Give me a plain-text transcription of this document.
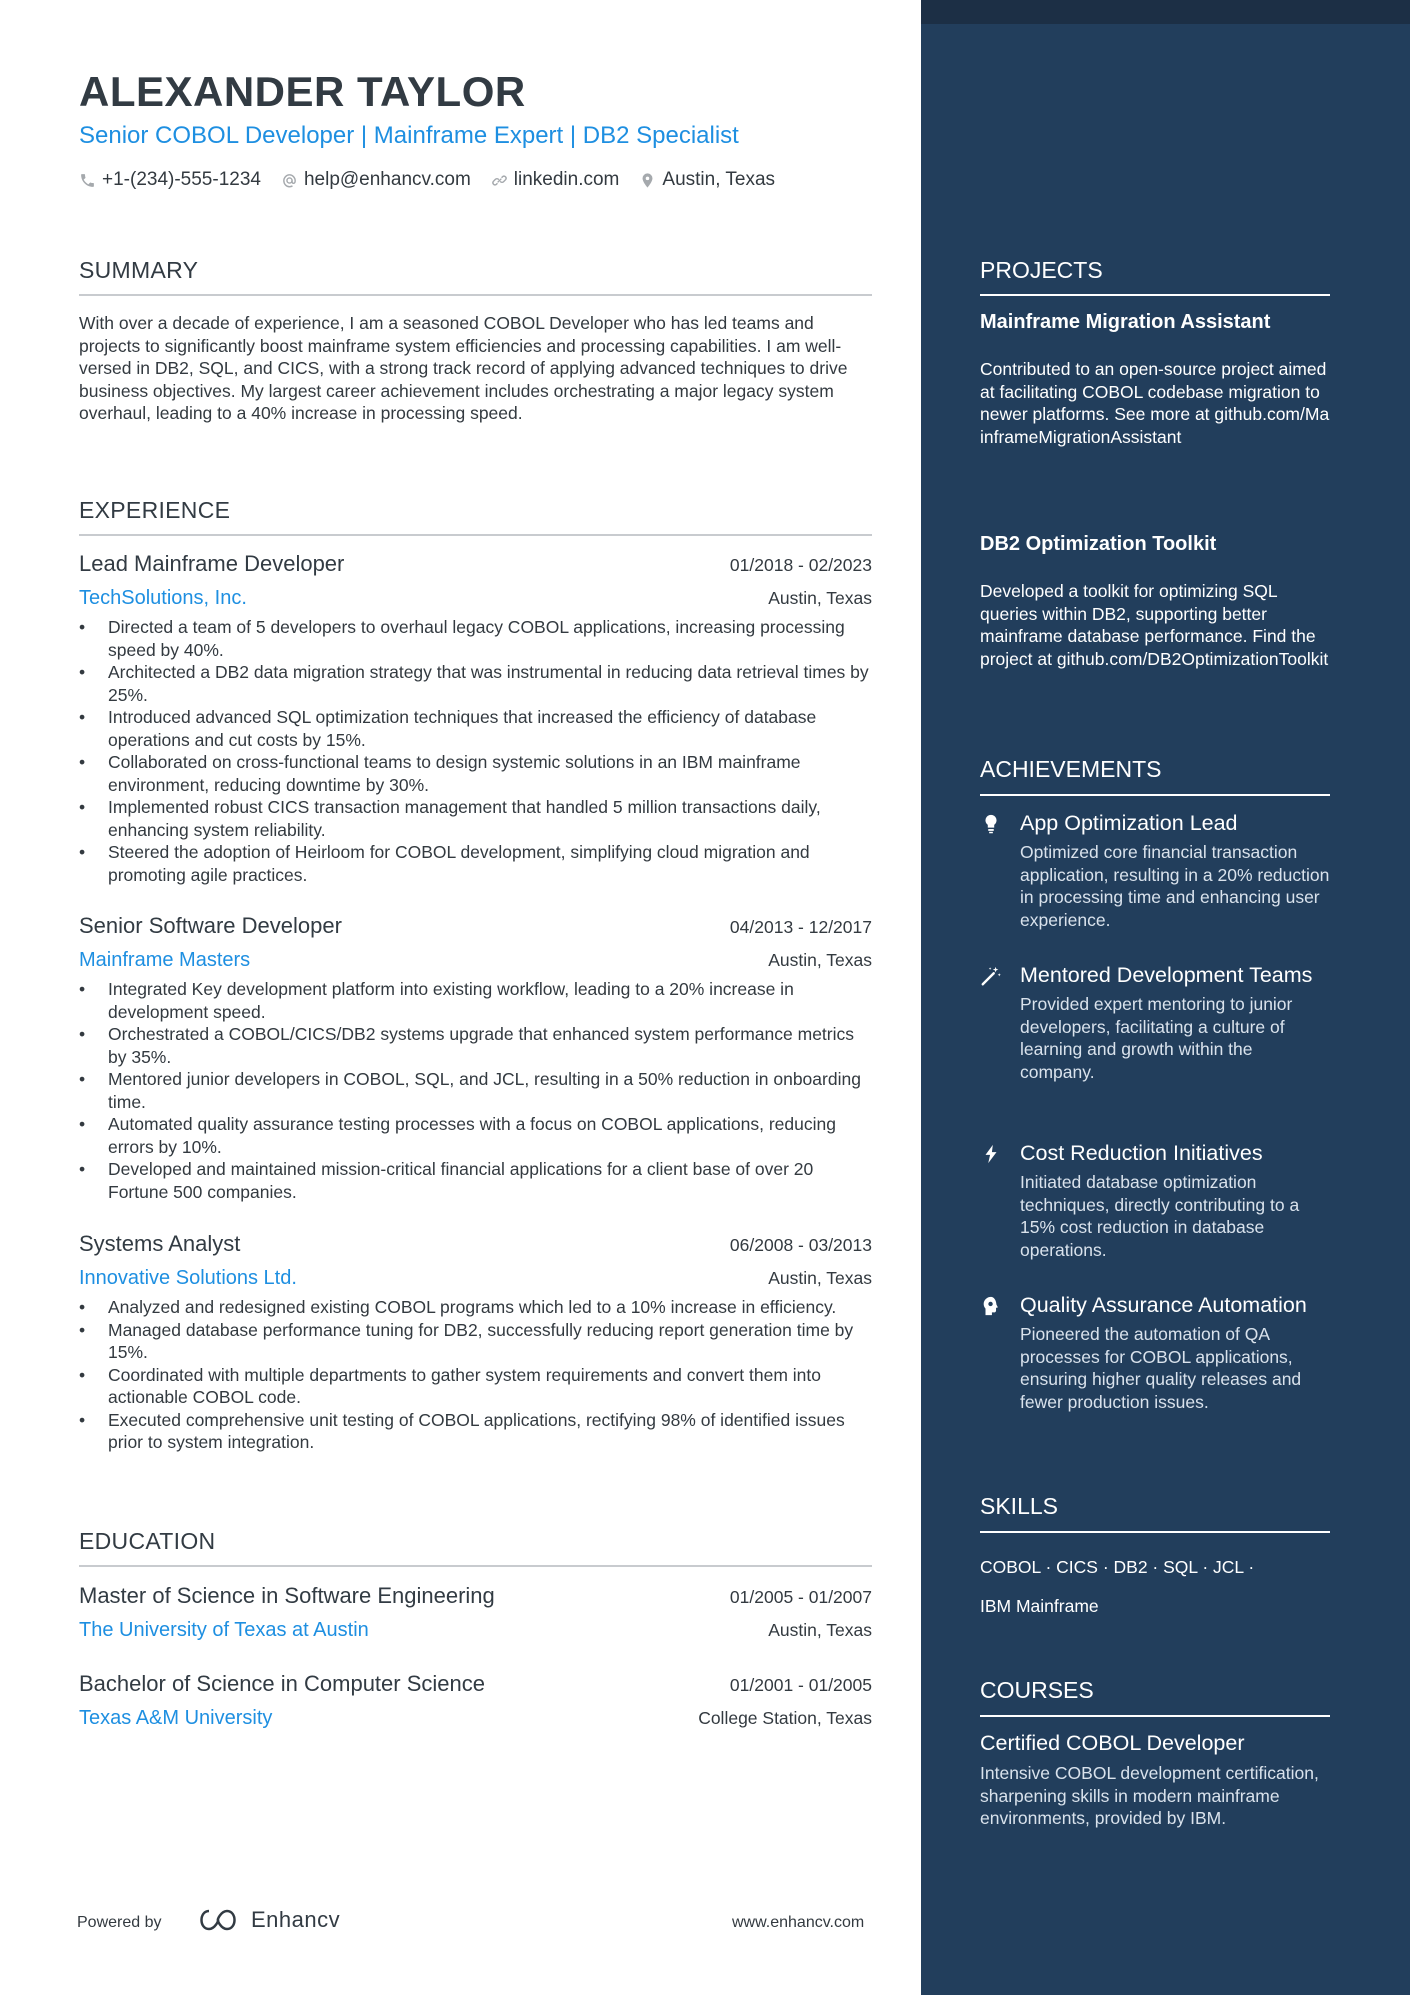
ALEXANDER TAYLOR
Senior COBOL Developer | Mainframe Expert | DB2 Specialist
+1-(234)-555-1234 help@enhancv.com linkedin.com Austin, Texas
SUMMARY
With over a decade of experience, I am a seasoned COBOL Developer who has led teams and projects to significantly boost mainframe system efficiencies and processing capabilities. I am well-versed in DB2, SQL, and CICS, with a strong track record of applying advanced techniques to drive business objectives. My largest career achievement includes orchestrating a major legacy system overhaul, leading to a 40% increase in processing speed.
EXPERIENCE
Lead Mainframe Developer	01/2018 - 02/2023
TechSolutions, Inc.	Austin, Texas
• Directed a team of 5 developers to overhaul legacy COBOL applications, increasing processing speed by 40%.
• Architected a DB2 data migration strategy that was instrumental in reducing data retrieval times by 25%.
• Introduced advanced SQL optimization techniques that increased the efficiency of database operations and cut costs by 15%.
• Collaborated on cross-functional teams to design systemic solutions in an IBM mainframe environment, reducing downtime by 30%.
• Implemented robust CICS transaction management that handled 5 million transactions daily, enhancing system reliability.
• Steered the adoption of Heirloom for COBOL development, simplifying cloud migration and promoting agile practices.
Senior Software Developer	04/2013 - 12/2017
Mainframe Masters	Austin, Texas
• Integrated Key development platform into existing workflow, leading to a 20% increase in development speed.
• Orchestrated a COBOL/CICS/DB2 systems upgrade that enhanced system performance metrics by 35%.
• Mentored junior developers in COBOL, SQL, and JCL, resulting in a 50% reduction in onboarding time.
• Automated quality assurance testing processes with a focus on COBOL applications, reducing errors by 10%.
• Developed and maintained mission-critical financial applications for a client base of over 20 Fortune 500 companies.
Systems Analyst	06/2008 - 03/2013
Innovative Solutions Ltd.	Austin, Texas
• Analyzed and redesigned existing COBOL programs which led to a 10% increase in efficiency.
• Managed database performance tuning for DB2, successfully reducing report generation time by 15%.
• Coordinated with multiple departments to gather system requirements and convert them into actionable COBOL code.
• Executed comprehensive unit testing of COBOL applications, rectifying 98% of identified issues prior to system integration.
EDUCATION
Master of Science in Software Engineering	01/2005 - 01/2007
The University of Texas at Austin	Austin, Texas
Bachelor of Science in Computer Science	01/2001 - 01/2005
Texas A&M University	College Station, Texas
Powered by	Enhancv	www.enhancv.com
PROJECTS
Mainframe Migration Assistant
Contributed to an open-source project aimed at facilitating COBOL codebase migration to newer platforms. See more at github.com/MainframeMigrationAssistant
DB2 Optimization Toolkit
Developed a toolkit for optimizing SQL queries within DB2, supporting better mainframe database performance. Find the project at github.com/DB2OptimizationToolkit
ACHIEVEMENTS
App Optimization Lead
Optimized core financial transaction application, resulting in a 20% reduction in processing time and enhancing user experience.
Mentored Development Teams
Provided expert mentoring to junior developers, facilitating a culture of learning and growth within the company.
Cost Reduction Initiatives
Initiated database optimization techniques, directly contributing to a 15% cost reduction in database operations.
Quality Assurance Automation
Pioneered the automation of QA processes for COBOL applications, ensuring higher quality releases and fewer production issues.
SKILLS
COBOL · CICS · DB2 · SQL · JCL ·
IBM Mainframe
COURSES
Certified COBOL Developer
Intensive COBOL development certification, sharpening skills in modern mainframe environments, provided by IBM.
